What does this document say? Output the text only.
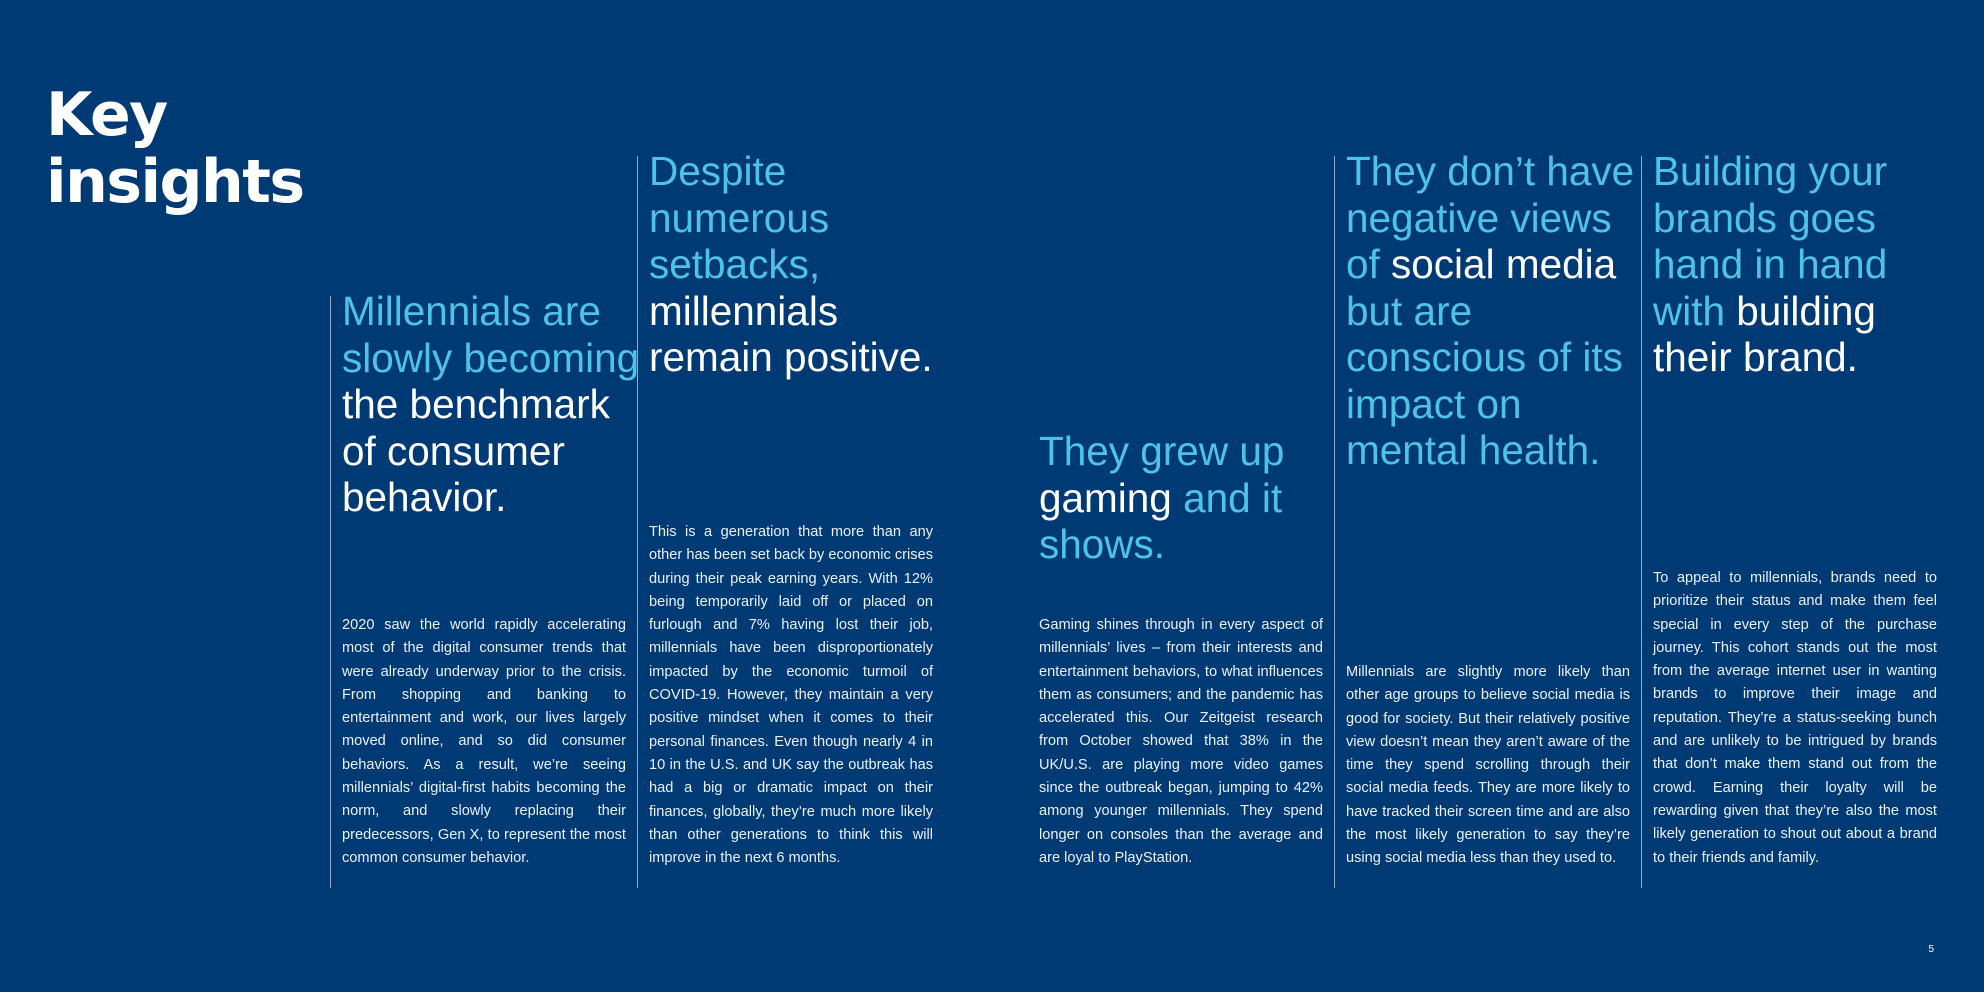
Key
insights
Millennials are slowly becoming the benchmark of consumer behavior.

2020 saw the world rapidly accelerating most of the digital consumer trends that were already underway prior to the crisis. From shopping and banking to entertainment and work, our lives largely moved online, and so did consumer behaviors. As a result, we’re seeing millennials’ digital-first habits becoming the norm, and slowly replacing their predecessors, Gen X, to represent the most common consumer behavior.

Despite numerous setbacks, millennials remain positive.

This is a generation that more than any other has been set back by economic crises during their peak earning years. With 12% being temporarily laid off or placed on furlough and 7% having lost their job, millennials have been disproportionately impacted by the economic turmoil of COVID-19. However, they maintain a very positive mindset when it comes to their personal finances. Even though nearly 4 in 10 in the U.S. and UK say the outbreak has had a big or dramatic impact on their finances, globally, they’re much more likely than other generations to think this will improve in the next 6 months.

They grew up gaming and it shows.

Gaming shines through in every aspect of millennials’ lives – from their interests and entertainment behaviors, to what influences them as consumers; and the pandemic has accelerated this. Our Zeitgeist research from October showed that 38% in the UK/U.S. are playing more video games since the outbreak began, jumping to 42% among younger millennials. They spend longer on consoles than the average and are loyal to PlayStation.

They don’t have negative views of social media but are conscious of its impact on mental health.

Millennials are slightly more likely than other age groups to believe social media is good for society. But their relatively positive view doesn’t mean they aren’t aware of the time they spend scrolling through their social media feeds. They are more likely to have tracked their screen time and are also the most likely generation to say they’re using social media less than they used to.

Building your brands goes hand in hand with building their brand.

To appeal to millennials, brands need to prioritize their status and make them feel special in every step of the purchase journey. This cohort stands out the most from the average internet user in wanting brands to improve their image and reputation. They’re a status-seeking bunch and are unlikely to be intrigued by brands that don’t make them stand out from the crowd. Earning their loyalty will be rewarding given that they’re also the most likely generation to shout out about a brand to their friends and family.

5
